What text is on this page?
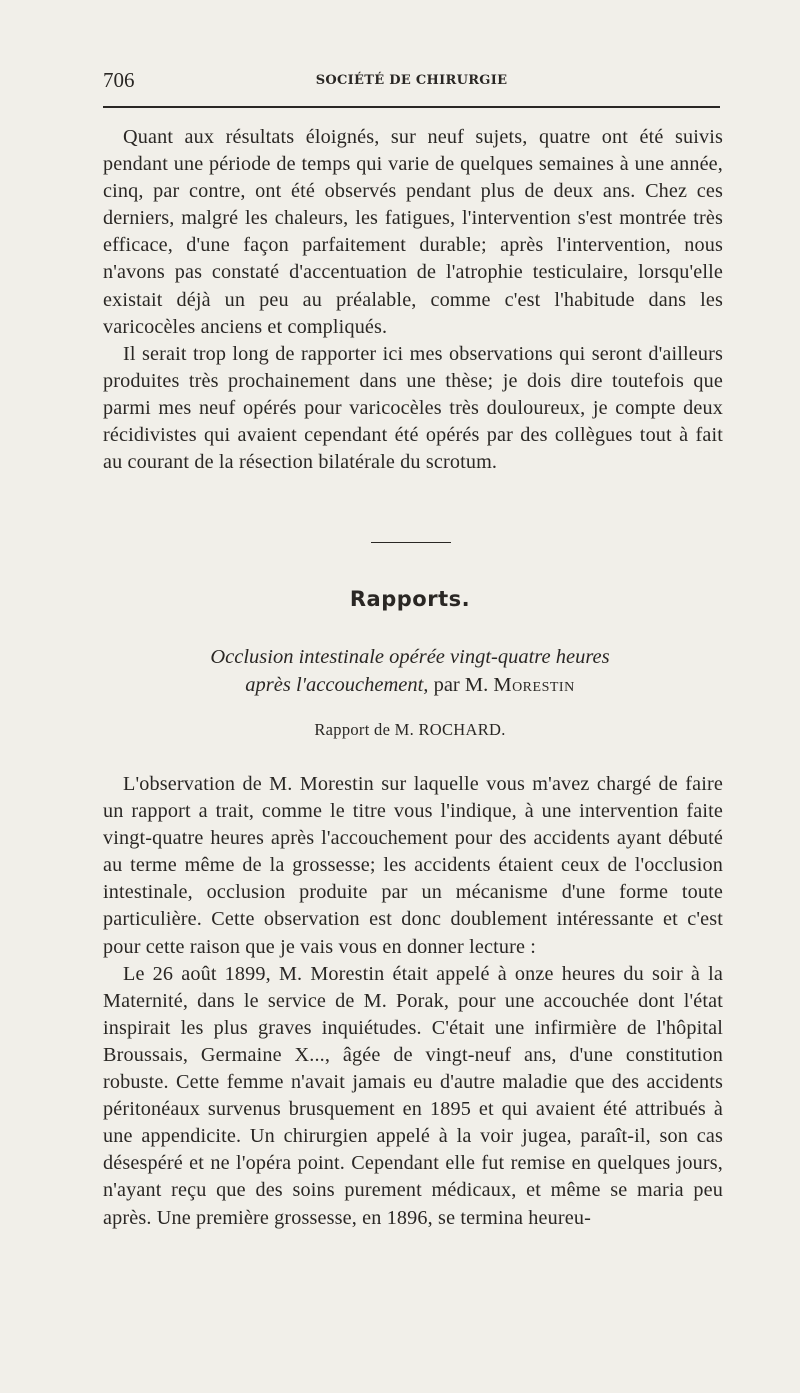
706	SOCIÉTÉ DE CHIRURGIE

Quant aux résultats éloignés, sur neuf sujets, quatre ont été suivis pendant une période de temps qui varie de quelques semaines à une année, cinq, par contre, ont été observés pendant plus de deux ans. Chez ces derniers, malgré les chaleurs, les fatigues, l'intervention s'est montrée très efficace, d'une façon parfaitement durable; après l'intervention, nous n'avons pas constaté d'accentuation de l'atrophie testiculaire, lorsqu'elle existait déjà un peu au préalable, comme c'est l'habitude dans les varicocèles anciens et compliqués.

Il serait trop long de rapporter ici mes observations qui seront d'ailleurs produites très prochainement dans une thèse; je dois dire toutefois que parmi mes neuf opérés pour varicocèles très douloureux, je compte deux récidivistes qui avaient cependant été opérés par des collègues tout à fait au courant de la résection bilatérale du scrotum.

Rapports.
Occlusion intestinale opérée vingt-quatre heures
après l'accouchement, par M. Morestin
Rapport de M. ROCHARD.

L'observation de M. Morestin sur laquelle vous m'avez chargé de faire un rapport a trait, comme le titre vous l'indique, à une intervention faite vingt-quatre heures après l'accouchement pour des accidents ayant débuté au terme même de la grossesse; les accidents étaient ceux de l'occlusion intestinale, occlusion produite par un mécanisme d'une forme toute particulière. Cette observation est donc doublement intéressante et c'est pour cette raison que je vais vous en donner lecture :

Le 26 août 1899, M. Morestin était appelé à onze heures du soir à la Maternité, dans le service de M. Porak, pour une accouchée dont l'état inspirait les plus graves inquiétudes. C'était une infirmière de l'hôpital Broussais, Germaine X..., âgée de vingt-neuf ans, d'une constitution robuste. Cette femme n'avait jamais eu d'autre maladie que des accidents péritonéaux survenus brusquement en 1895 et qui avaient été attribués à une appendicite. Un chirurgien appelé à la voir jugea, paraît-il, son cas désespéré et ne l'opéra point. Cependant elle fut remise en quelques jours, n'ayant reçu que des soins purement médicaux, et même se maria peu après. Une première grossesse, en 1896, se termina heureu-
